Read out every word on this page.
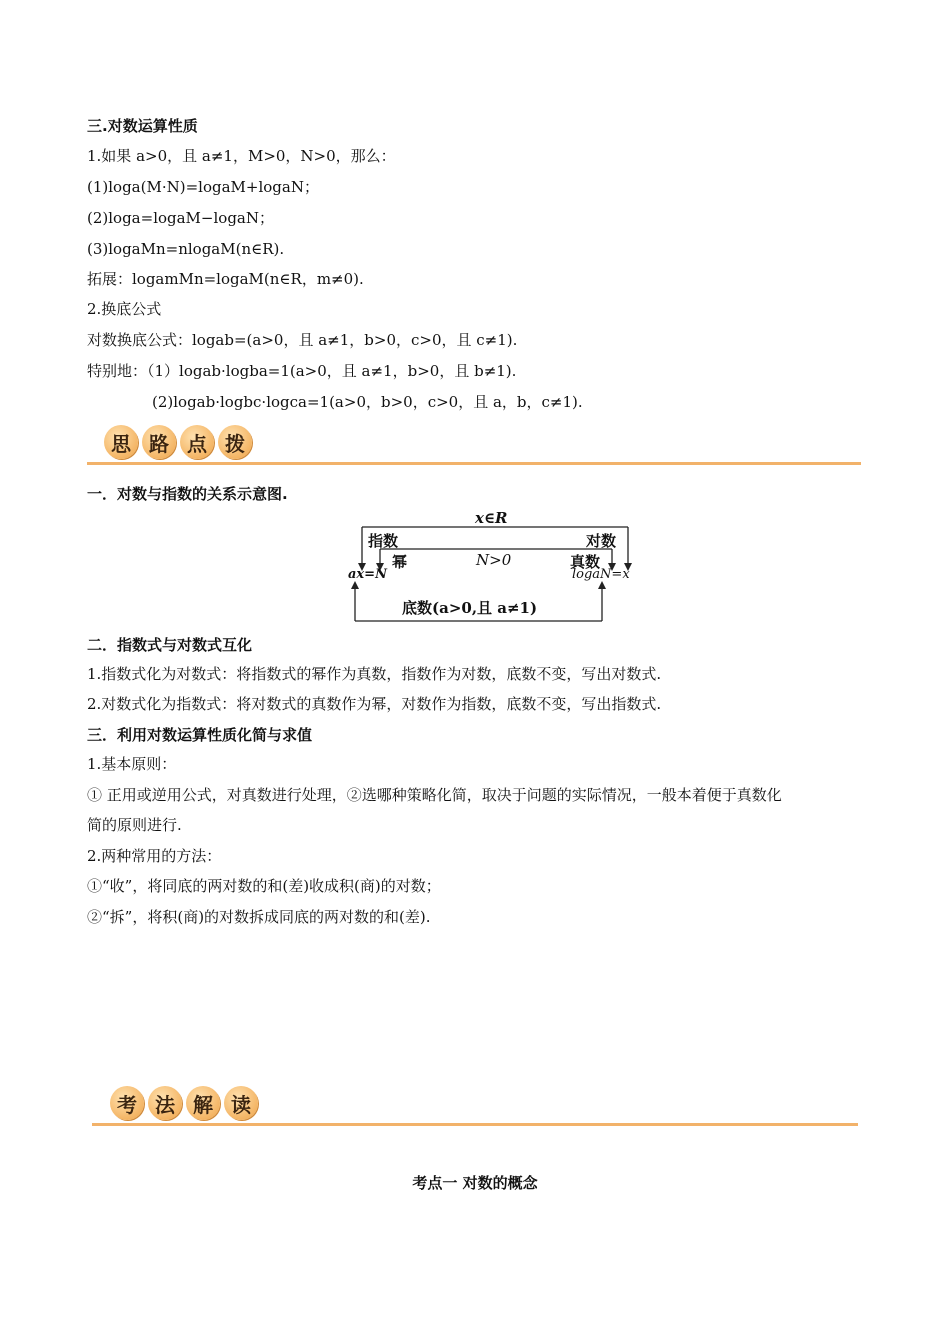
三.对数运算性质
1.如果 a>0，且 a≠1，M>0，N>0，那么：
(1)loga(M·N)=logaM+logaN；
(2)loga=logaM−logaN；
(3)logaMn=nlogaM(n∈R).
拓展：logamMn=logaM(n∈R，m≠0).
2.换底公式
对数换底公式：logab=(a>0，且 a≠1，b>0，c>0，且 c≠1).
特别地：（1）logab·logba=1(a>0，且 a≠1，b>0，且 b≠1).
(2)logab·logbc·logca=1(a>0，b>0，c>0，且 a，b，c≠1).
思 路 点 拨
一．对数与指数的关系示意图.
x∈R
指数	对数
幂	N>0	真数
ax=N	logaN=x
底数(a>0,且 a≠1)
二．指数式与对数式互化
1.指数式化为对数式：将指数式的幂作为真数，指数作为对数，底数不变，写出对数式.
2.对数式化为指数式：将对数式的真数作为幂，对数作为指数，底数不变，写出指数式.
三．利用对数运算性质化简与求值
1.基本原则：
① 正用或逆用公式，对真数进行处理，②选哪种策略化简，取决于问题的实际情况，一般本着便于真数化
简的原则进行.
2.两种常用的方法：
①“收”，将同底的两对数的和(差)收成积(商)的对数；
②“拆”，将积(商)的对数拆成同底的两对数的和(差).
考 法 解 读
考点一 对数的概念
